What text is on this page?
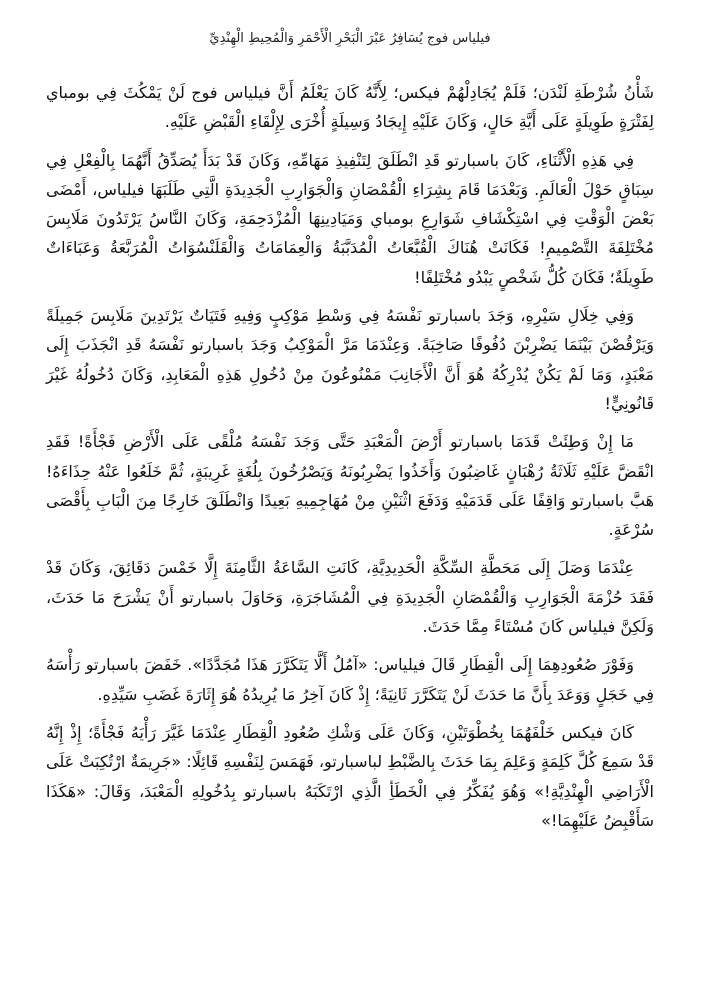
فيلياس فوج يُسَافِرُ عَبْرَ الْبَحْرِ الْأَحْمَرِ وَالْمُحِيطِ الْهِنْدِيِّ

شَأْنُ شُرْطَةِ لَنْدَن؛ فَلَمْ يُجَادِلْهُمْ فيكس؛ لِأَنَّهُ كَانَ يَعْلَمُ أَنَّ فيلياس فوج لَنْ يَمْكُثَ فِي بومباي لِفَتْرَةٍ طَوِيلَةٍ عَلَى أَيَّةِ حَالٍ، وَكَانَ عَلَيْهِ إِيجَادُ وَسِيلَةٍ أُخْرَى لِإِلْقَاءِ الْقَبْضِ عَلَيْهِ.

فِي هَذِهِ الْأَثْنَاءِ، كَانَ باسبارتو قَدِ انْطَلَقَ لِتَنْفِيذِ مَهَامِّهِ، وَكَانَ قَدْ بَدَأَ يُصَدِّقُ أَنَّهُمَا بِالْفِعْلِ فِي سِبَاقٍ حَوْلَ الْعَالَمِ. وَبَعْدَمَا قَامَ بِشِرَاءِ الْقُمْصَانِ وَالْجَوَارِبِ الْجَدِيدَةِ الَّتِي طَلَبَهَا فيلياس، أَمْضَى بَعْضَ الْوَقْتِ فِي اسْتِكْشَافِ شَوَارِعِ بومباي وَمَيَادِينِهَا الْمُزْدَحِمَةِ، وَكَانَ النَّاسُ يَرْتَدُونَ مَلَابِسَ مُخْتَلِفَةَ التَّصْمِيمِ! فَكَانَتْ هُنَاكَ الْقُبَّعَاتُ الْمُدَبَّبَةُ وَالْعِمَامَاتُ وَالْقَلَنْسُوَاتُ الْمُرَبَّعَةُ وَعَبَاءَاتٌ طَوِيلَةٌ؛ فَكَانَ كُلُّ شَخْصٍ يَبْدُو مُخْتَلِفًا!

وَفِي خِلَالِ سَيْرِهِ، وَجَدَ باسبارتو نَفْسَهُ فِي وَسْطِ مَوْكِبٍ وَفِيهِ فَتَيَاتٌ يَرْتَدِينَ مَلَابِسَ جَمِيلَةً وَيَرْقُصْنَ بَيْنَمَا يَضْرِبْنَ دُفُوفًا صَاخِبَةً. وَعِنْدَمَا مَرَّ الْمَوْكِبُ وَجَدَ باسبارتو نَفْسَهُ قَدِ انْجَذَبَ إِلَى مَعْبَدٍ، وَمَا لَمْ يَكُنْ يُدْرِكُهُ هُوَ أَنَّ الْأَجَانِبَ مَمْنُوعُونَ مِنْ دُخُولِ هَذِهِ الْمَعَابِدِ، وَكَانَ دُخُولُهُ غَيْرَ قَانُونِيٍّ!

مَا إِنْ وَطِئَتْ قَدَمَا باسبارتو أَرْضَ الْمَعْبَدِ حَتَّى وَجَدَ نَفْسَهُ مُلْقًى عَلَى الْأَرْضِ فَجْأَةً! فَقَدِ انْقَضَّ عَلَيْهِ ثَلَاثَةُ رُهْبَانٍ غَاضِبُونَ وَأَخَذُوا يَضْرِبُونَهُ وَيَصْرُخُونَ بِلُغَةٍ غَرِيبَةٍ، ثُمَّ خَلَعُوا عَنْهُ حِذَاءَهُ! هَبَّ باسبارتو وَاقِفًا عَلَى قَدَمَيْهِ وَدَفَعَ اثْنَيْنِ مِنْ مُهَاجِمِيهِ بَعِيدًا وَانْطَلَقَ خَارِجًا مِنَ الْبَابِ بِأَقْصَى سُرْعَةٍ.

عِنْدَمَا وَصَلَ إِلَى مَحَطَّةِ السِّكَّةِ الْحَدِيدِيَّةِ، كَانَتِ السَّاعَةُ الثَّامِنَةَ إِلَّا خَمْسَ دَقَائِقَ، وَكَانَ قَدْ فَقَدَ حُزْمَةَ الْجَوَارِبِ وَالْقُمْصَانِ الْجَدِيدَةِ فِي الْمُشَاجَرَةِ، وَحَاوَلَ باسبارتو أَنْ يَشْرَحَ مَا حَدَثَ، وَلَكِنَّ فيلياس كَانَ مُسْتَاءً مِمَّا حَدَثَ.

وَفَوْرَ صُعُودِهِمَا إِلَى الْقِطَارِ قَالَ فيلياس: «آمُلُ أَلَّا يَتَكَرَّرَ هَذَا مُجَدَّدًا». خَفَضَ باسبارتو رَأْسَهُ فِي خَجَلٍ وَوَعَدَ بِأَنَّ مَا حَدَثَ لَنْ يَتَكَرَّرَ ثَانِيَةً؛ إِذْ كَانَ آخِرُ مَا يُرِيدُهُ هُوَ إِثَارَةَ غَضَبِ سَيِّدِهِ.

كَانَ فيكس خَلْفَهُمَا بِخُطْوَتَيْنِ، وَكَانَ عَلَى وَشْكِ صُعُودِ الْقِطَارِ عِنْدَمَا غَيَّرَ رَأْيَهُ فَجْأَةً؛ إِذْ إِنَّهُ قَدْ سَمِعَ كُلَّ كَلِمَةٍ وَعَلِمَ بِمَا حَدَثَ بِالضَّبْطِ لباسبارتو، فَهَمَسَ لِنَفْسِهِ قَائِلًا: «جَرِيمَةٌ ارْتُكِبَتْ عَلَى الْأَرَاضِي الْهِنْدِيَّةِ!» وَهُوَ يُفَكِّرُ فِي الْخَطَأِ الَّذِي ارْتَكَبَهُ باسبارتو بِدُخُولِهِ الْمَعْبَدَ، وَقَالَ: «هَكَذَا سَأَقْبِضُ عَلَيْهِمَا!»
